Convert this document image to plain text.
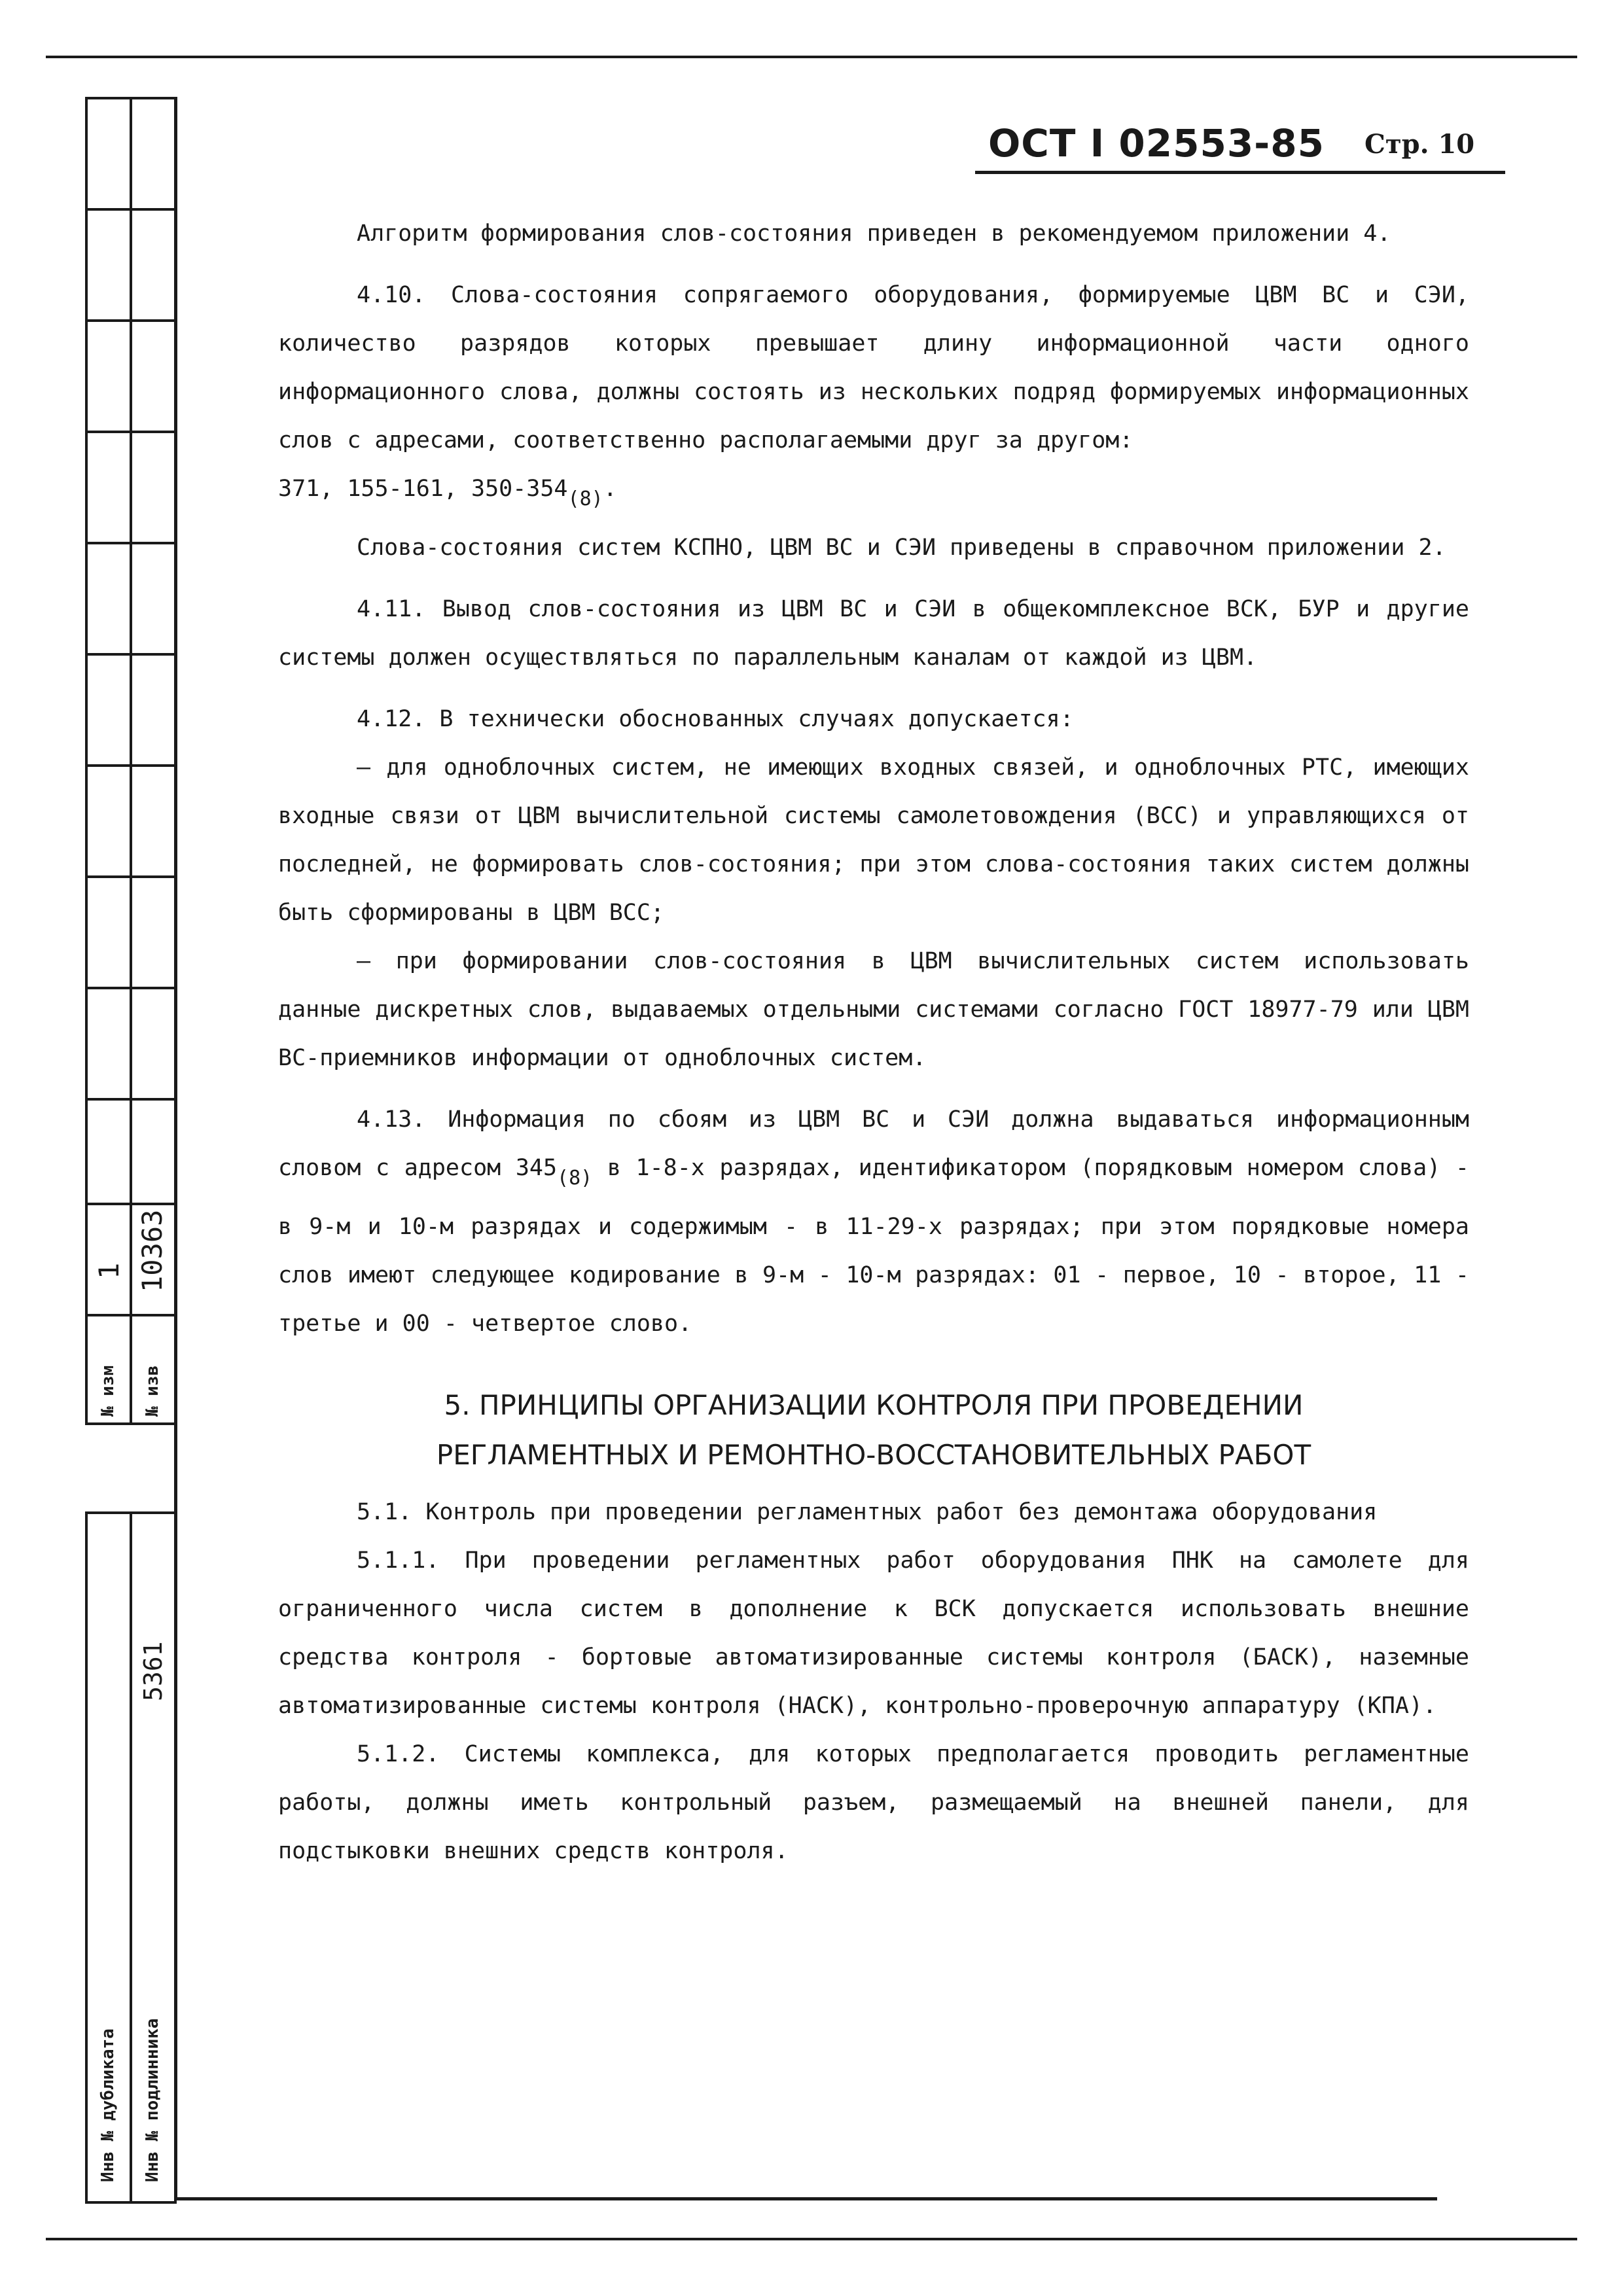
1 10363
№ изм № изв
5361
Инв № дубликата Инв № подлинника
ОСТ I 02553-85 Стр. 10

Алгоритм формирования слов-состояния приведен в рекомендуемом приложении 4.

4.10. Слова-состояния сопрягаемого оборудования, формируемые ЦВМ ВС и СЭИ, количество разрядов которых превышает длину информационной части одного информационного слова, должны состоять из нескольких подряд формируемых информационных слов с адресами, соответственно располагаемыми друг за другом:

371, 155-161, $350-354_{(8)}$.

Слова-состояния систем КСПНО, ЦВМ ВС и СЭИ приведены в справочном приложении 2.

4.11. Вывод слов-состояния из ЦВМ ВС и СЭИ в общекомплексное ВСК, БУР и другие системы должен осуществляться по параллельным каналам от каждой из ЦВМ.

4.12. В технически обоснованных случаях допускается:

– для одноблочных систем, не имеющих входных связей, и одноблочных РТС, имеющих входные связи от ЦВМ вычислительной системы самолетовождения (ВСС) и управляющихся от последней, не формировать слов-состояния; при этом слова-состояния таких систем должны быть сформированы в ЦВМ ВСС;

– при формировании слов-состояния в ЦВМ вычислительных систем использовать данные дискретных слов, выдаваемых отдельными системами согласно ГОСТ 18977-79 или ЦВМ ВС-приемников информации от одноблочных систем.

4.13. Информация по сбоям из ЦВМ ВС и СЭИ должна выдаваться информационным словом с адресом $345_{(8)}$ в 1-8-х разрядах, идентификатором (порядковым номером слова) - в 9-м и 10-м разрядах и содержимым - в 11-29-х разрядах; при этом порядковые номера слов имеют следующее кодирование в 9-м - 10-м разрядах: 01 - первое, 10 - второе, 11 - третье и 00 - четвертое слово.

5. ПРИНЦИПЫ ОРГАНИЗАЦИИ КОНТРОЛЯ ПРИ ПРОВЕДЕНИИ

РЕГЛАМЕНТНЫХ И РЕМОНТНО-ВОССТАНОВИТЕЛЬНЫХ РАБОТ

5.1. Контроль при проведении регламентных работ без демонтажа оборудования

5.1.1. При проведении регламентных работ оборудования ПНК на самолете для ограниченного числа систем в дополнение к ВСК допускается использовать внешние средства контроля - бортовые автоматизированные системы контроля (БАСК), наземные автоматизированные системы контроля (НАСК), контрольно-проверочную аппаратуру (КПА).

5.1.2. Системы комплекса, для которых предполагается проводить регламентные работы, должны иметь контрольный разъем, размещаемый на внешней панели, для подстыковки внешних средств контроля.
